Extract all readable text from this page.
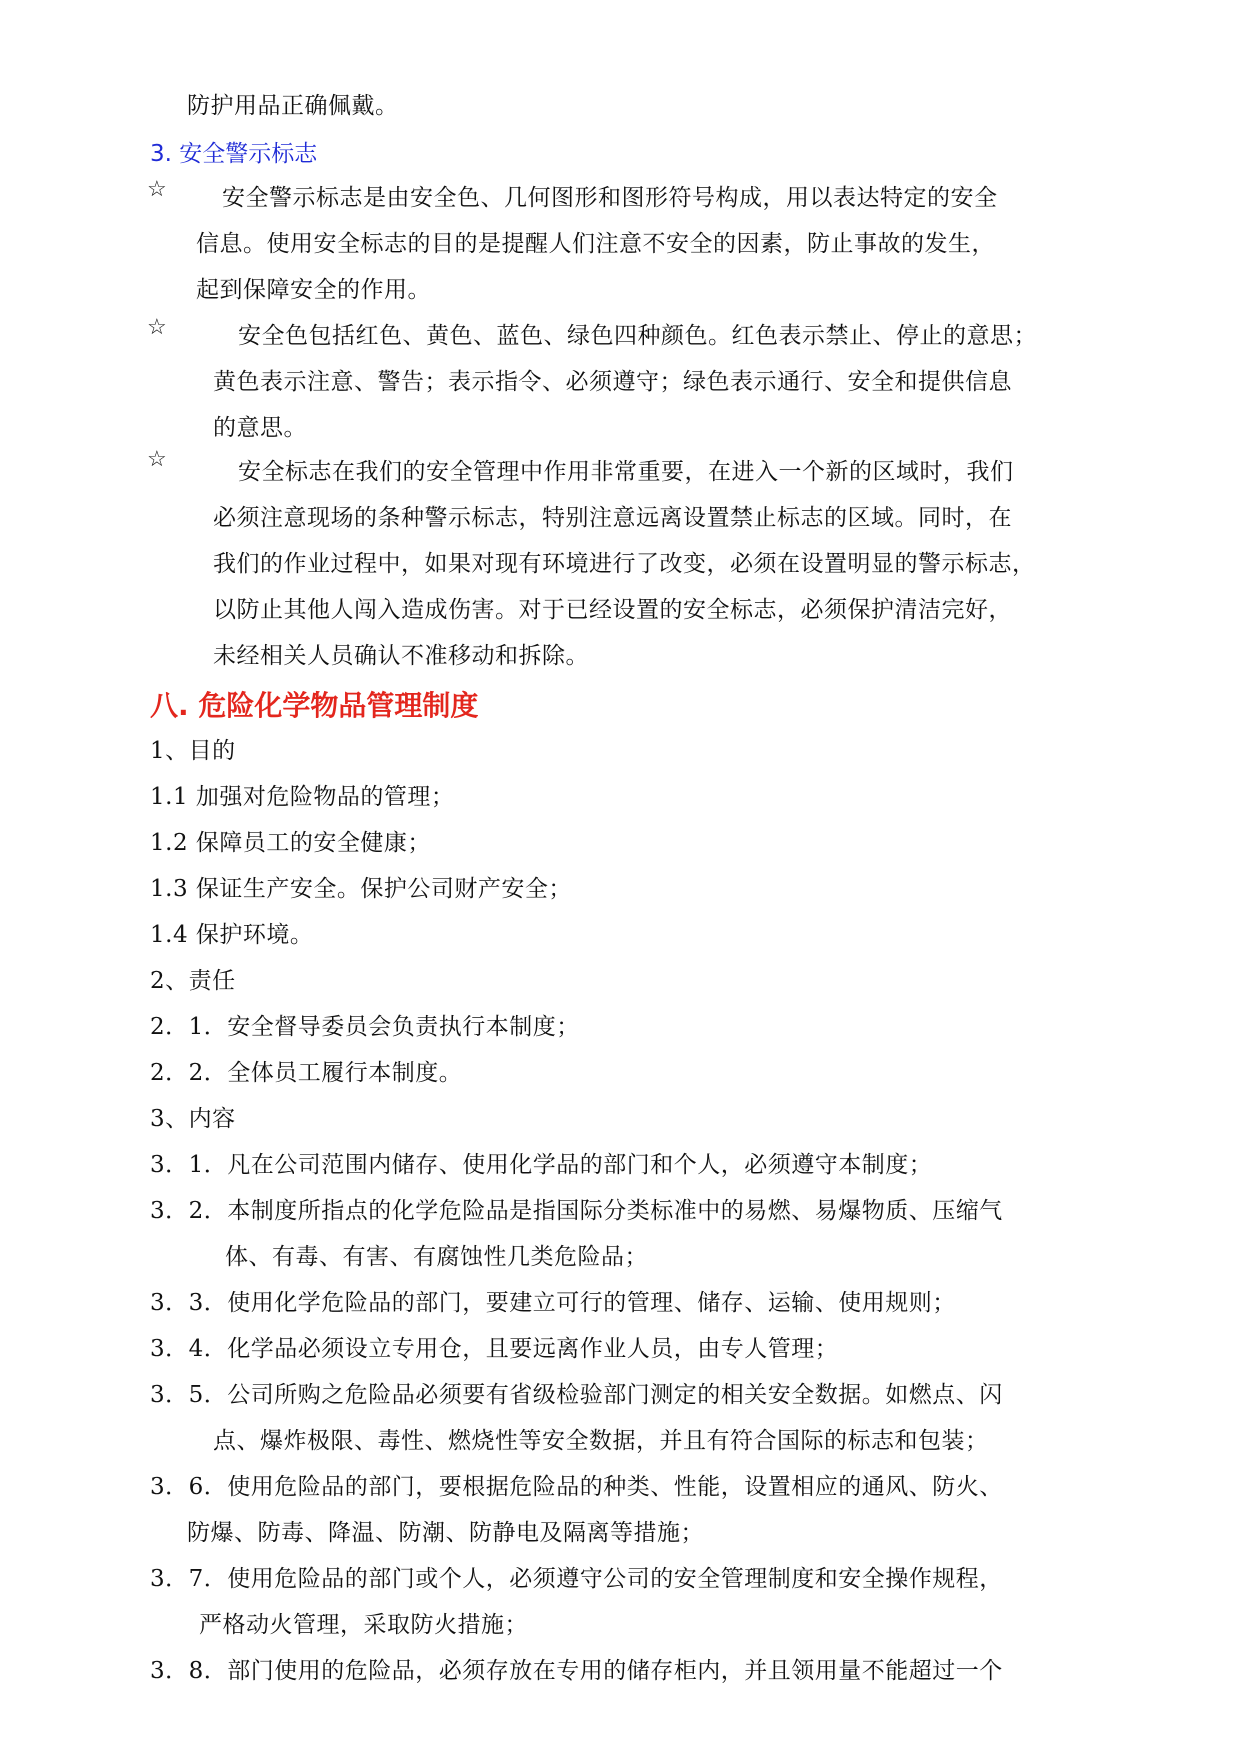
防护用品正确佩戴。
3. 安全警示标志
☆ 安全警示标志是由安全色、几何图形和图形符号构成，用以表达特定的安全
信息。使用安全标志的目的是提醒人们注意不安全的因素，防止事故的发生，
起到保障安全的作用。
☆	安全色包括红色、黄色、蓝色、绿色四种颜色。红色表示禁止、停止的意思；
黄色表示注意、警告；表示指令、必须遵守；绿色表示通行、安全和提供信息
的意思。
☆	安全标志在我们的安全管理中作用非常重要，在进入一个新的区域时，我们
必须注意现场的条种警示标志，特别注意远离设置禁止标志的区域。同时，在
我们的作业过程中，如果对现有环境进行了改变，必须在设置明显的警示标志，
以防止其他人闯入造成伤害。对于已经设置的安全标志，必须保护清洁完好，
未经相关人员确认不准移动和拆除。
八. 危险化学物品管理制度
1、目的
1.1 加强对危险物品的管理；
1.2 保障员工的安全健康；
1.3 保证生产安全。保护公司财产安全；
1.4 保护环境。
2、责任
2．1．安全督导委员会负责执行本制度；
2．2．全体员工履行本制度。
3、内容
3．1．凡在公司范围内储存、使用化学品的部门和个人，必须遵守本制度；
3．2．本制度所指点的化学危险品是指国际分类标准中的易燃、易爆物质、压缩气
体、有毒、有害、有腐蚀性几类危险品；
3．3．使用化学危险品的部门，要建立可行的管理、储存、运输、使用规则；
3．4．化学品必须设立专用仓，且要远离作业人员，由专人管理；
3．5．公司所购之危险品必须要有省级检验部门测定的相关安全数据。如燃点、闪
点、爆炸极限、毒性、燃烧性等安全数据，并且有符合国际的标志和包装；
3．6．使用危险品的部门，要根据危险品的种类、性能，设置相应的通风、防火、
防爆、防毒、降温、防潮、防静电及隔离等措施；
3．7．使用危险品的部门或个人，必须遵守公司的安全管理制度和安全操作规程，
严格动火管理，采取防火措施；
3．8．部门使用的危险品，必须存放在专用的储存柜内，并且领用量不能超过一个
